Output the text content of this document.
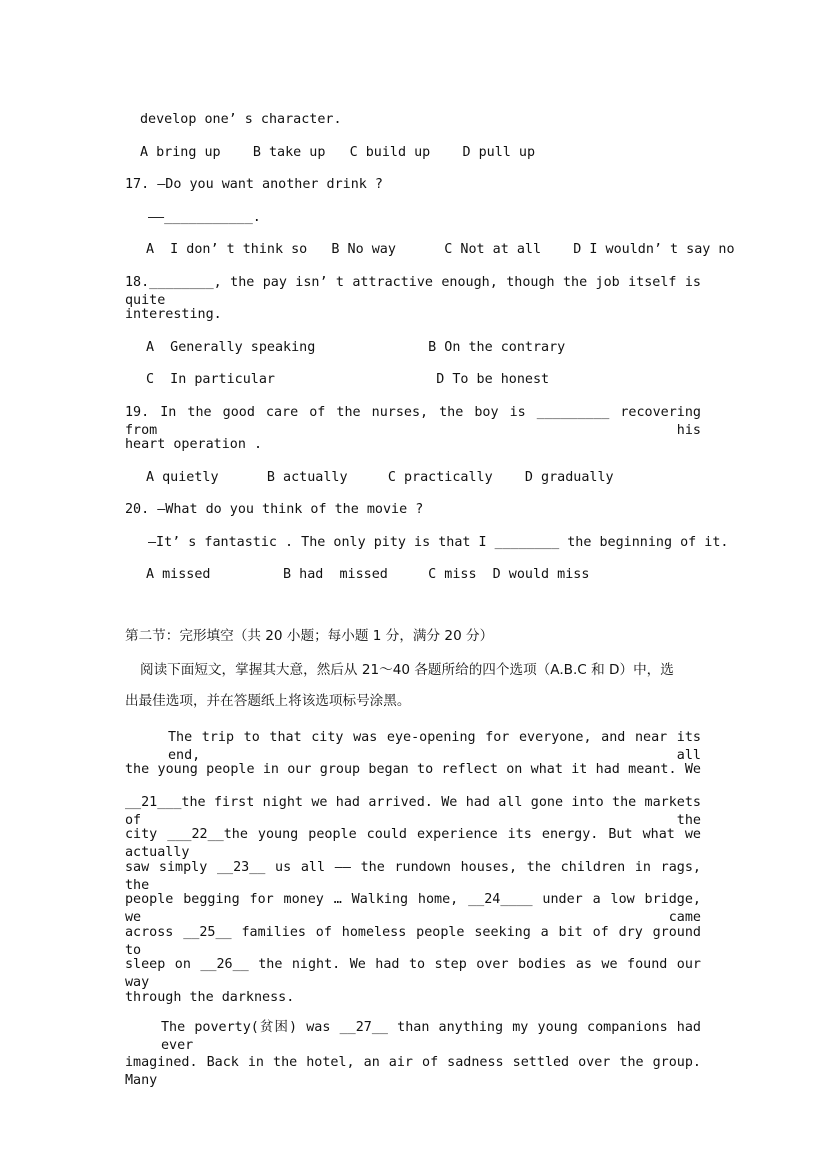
develop one’ s character.
A bring up    B take up   C build up    D pull up
17. —Do you want another drink ?
——___________.
A  I don’ t think so   B No way      C Not at all    D I wouldn’ t say no
18.________, the pay isn’ t attractive enough, though the job itself is quite
interesting.
A  Generally speaking              B On the contrary
C  In particular                    D To be honest
19. In the good care of the nurses, the boy is _________ recovering from his
heart operation .
A quietly      B actually     C practically    D gradually
20. —What do you think of the movie ?
—It’ s fantastic . The only pity is that I ________ the beginning of it.
A missed         B had  missed     C miss  D would miss
第二节：完形填空（共 20 小题；每小题 1 分，满分 20 分）
阅读下面短文，掌握其大意，然后从 21～40 各题所给的四个选项（A.B.C 和 D）中，选
出最佳选项，并在答题纸上将该选项标号涂黑。
The trip to that city was eye-opening for everyone, and near its end, all
the young people in our group began to reflect on what it had meant. We
__21___the first night we had arrived. We had all gone into the markets of the
city ___22__the young people could experience its energy. But what we actually
saw simply __23__ us all —— the rundown houses, the children in rags, the
people begging for money … Walking home, __24____ under a low bridge, we came
across __25__ families of homeless people seeking a bit of dry ground to
sleep on __26__ the night. We had to step over bodies as we found our way
through the darkness.
The poverty(贫困) was __27__ than anything my young companions had ever
imagined. Back in the hotel, an air of sadness settled over the group. Many
